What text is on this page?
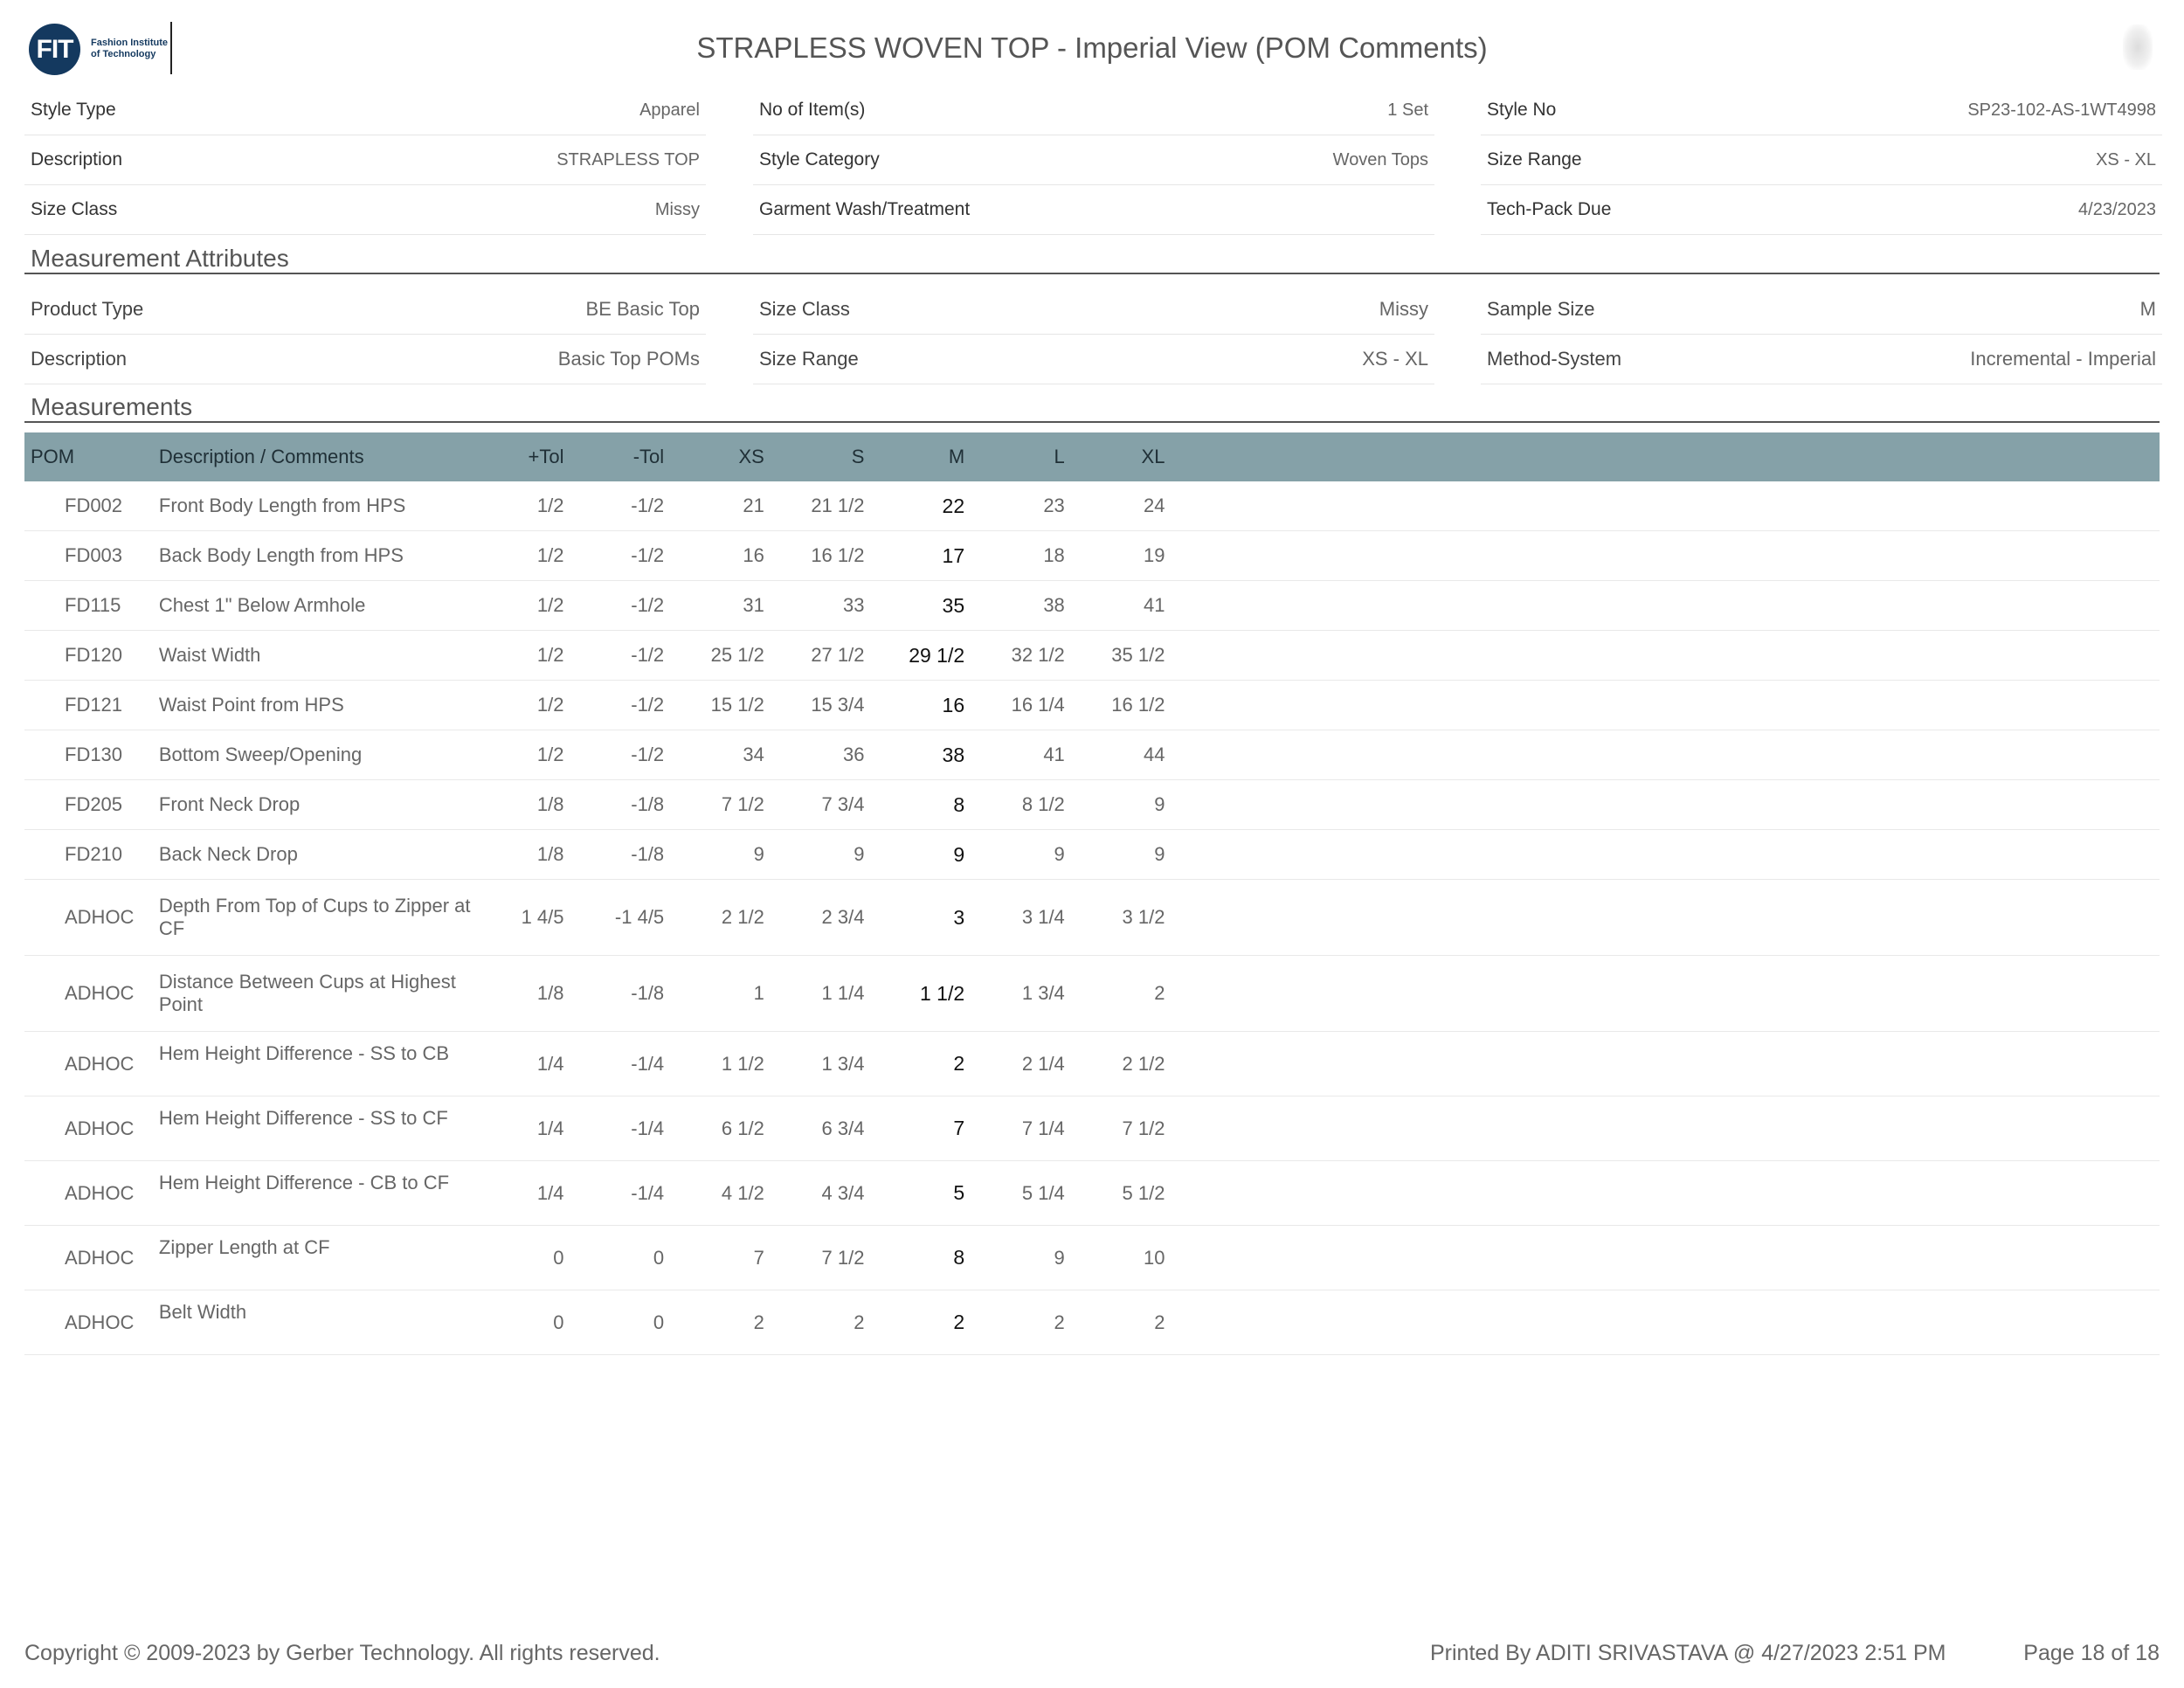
FIT	Fashion Institute of Technology	STRAPLESS WOVEN TOP - Imperial View (POM Comments)
Style Type	Apparel
Description	STRAPLESS TOP
Size Class	Missy
No of Item(s)	1 Set
Style Category	Woven Tops
Garment Wash/Treatment
Style No	SP23-102-AS-1WT4998
Size Range	XS - XL
Tech-Pack Due	4/23/2023
Measurement Attributes
Product Type	BE Basic Top
Description	Basic Top POMs
Size Class	Missy
Size Range	XS - XL
Sample Size	M
Method-System	Incremental - Imperial
Measurements
POM	Description / Comments	+Tol	-Tol	XS	S	M	L	XL	
FD002	Front Body Length from HPS	1/2	-1/2	21	21 1/2	22	23	24	
FD003	Back Body Length from HPS	1/2	-1/2	16	16 1/2	17	18	19	
FD115	Chest 1" Below Armhole	1/2	-1/2	31	33	35	38	41	
FD120	Waist Width	1/2	-1/2	25 1/2	27 1/2	29 1/2	32 1/2	35 1/2	
FD121	Waist Point from HPS	1/2	-1/2	15 1/2	15 3/4	16	16 1/4	16 1/2	
FD130	Bottom Sweep/Opening	1/2	-1/2	34	36	38	41	44	
FD205	Front Neck Drop	1/8	-1/8	7 1/2	7 3/4	8	8 1/2	9	
FD210	Back Neck Drop	1/8	-1/8	9	9	9	9	9	
ADHOC	Depth From Top of Cups to Zipper at CF	1 4/5	-1 4/5	2 1/2	2 3/4	3	3 1/4	3 1/2	
ADHOC	Distance Between Cups at Highest Point	1/8	-1/8	1	1 1/4	1 1/2	1 3/4	2	
ADHOC	Hem Height Difference - SS to CB	1/4	-1/4	1 1/2	1 3/4	2	2 1/4	2 1/2	
ADHOC	Hem Height Difference - SS to CF	1/4	-1/4	6 1/2	6 3/4	7	7 1/4	7 1/2	
ADHOC	Hem Height Difference - CB to CF	1/4	-1/4	4 1/2	4 3/4	5	5 1/4	5 1/2	
ADHOC	Zipper Length at CF	0	0	7	7 1/2	8	9	10	
ADHOC	Belt Width	0	0	2	2	2	2	2	
Copyright © 2009-2023 by Gerber Technology. All rights reserved.	Printed By ADITI SRIVASTAVA @ 4/27/2023 2:51 PM	Page 18 of 18
